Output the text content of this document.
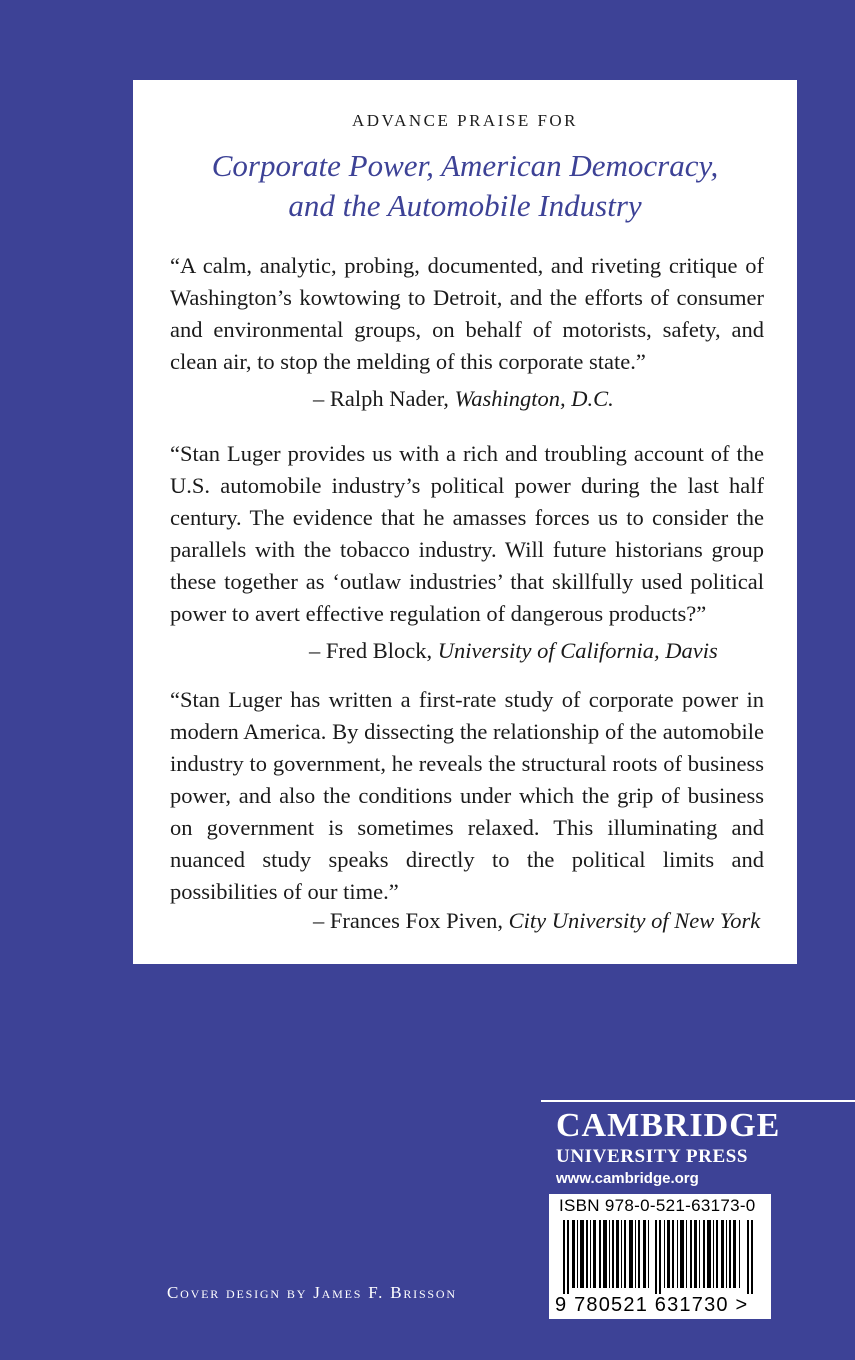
ADVANCE PRAISE FOR
Corporate Power, American Democracy,
and the Automobile Industry

“A calm, analytic, probing, documented, and riveting critique of Washington’s kowtowing to Detroit, and the efforts of consumer and environmental groups, on behalf of motorists, safety, and clean air, to stop the melding of this corporate state.”

– Ralph Nader, Washington, D.C.

“Stan Luger provides us with a rich and troubling account of the U.S. automobile industry’s political power during the last half century. The evidence that he amasses forces us to consider the parallels with the tobacco industry. Will future historians group these together as ‘outlaw industries’ that skillfully used political power to avert effective regulation of dangerous products?”

– Fred Block, University of California, Davis

“Stan Luger has written a first-rate study of corporate power in modern America. By dissecting the relationship of the automobile industry to government, he reveals the structural roots of business power, and also the conditions under which the grip of business on government is sometimes relaxed. This illuminating and nuanced study speaks directly to the political limits and possibilities of our time.”

– Frances Fox Piven, City University of New York
CAMBRIDGE
UNIVERSITY PRESS
www.cambridge.org
ISBN 978-0-521-63173-0
9 780521 631730 >
Cover design by James F. Brisson
